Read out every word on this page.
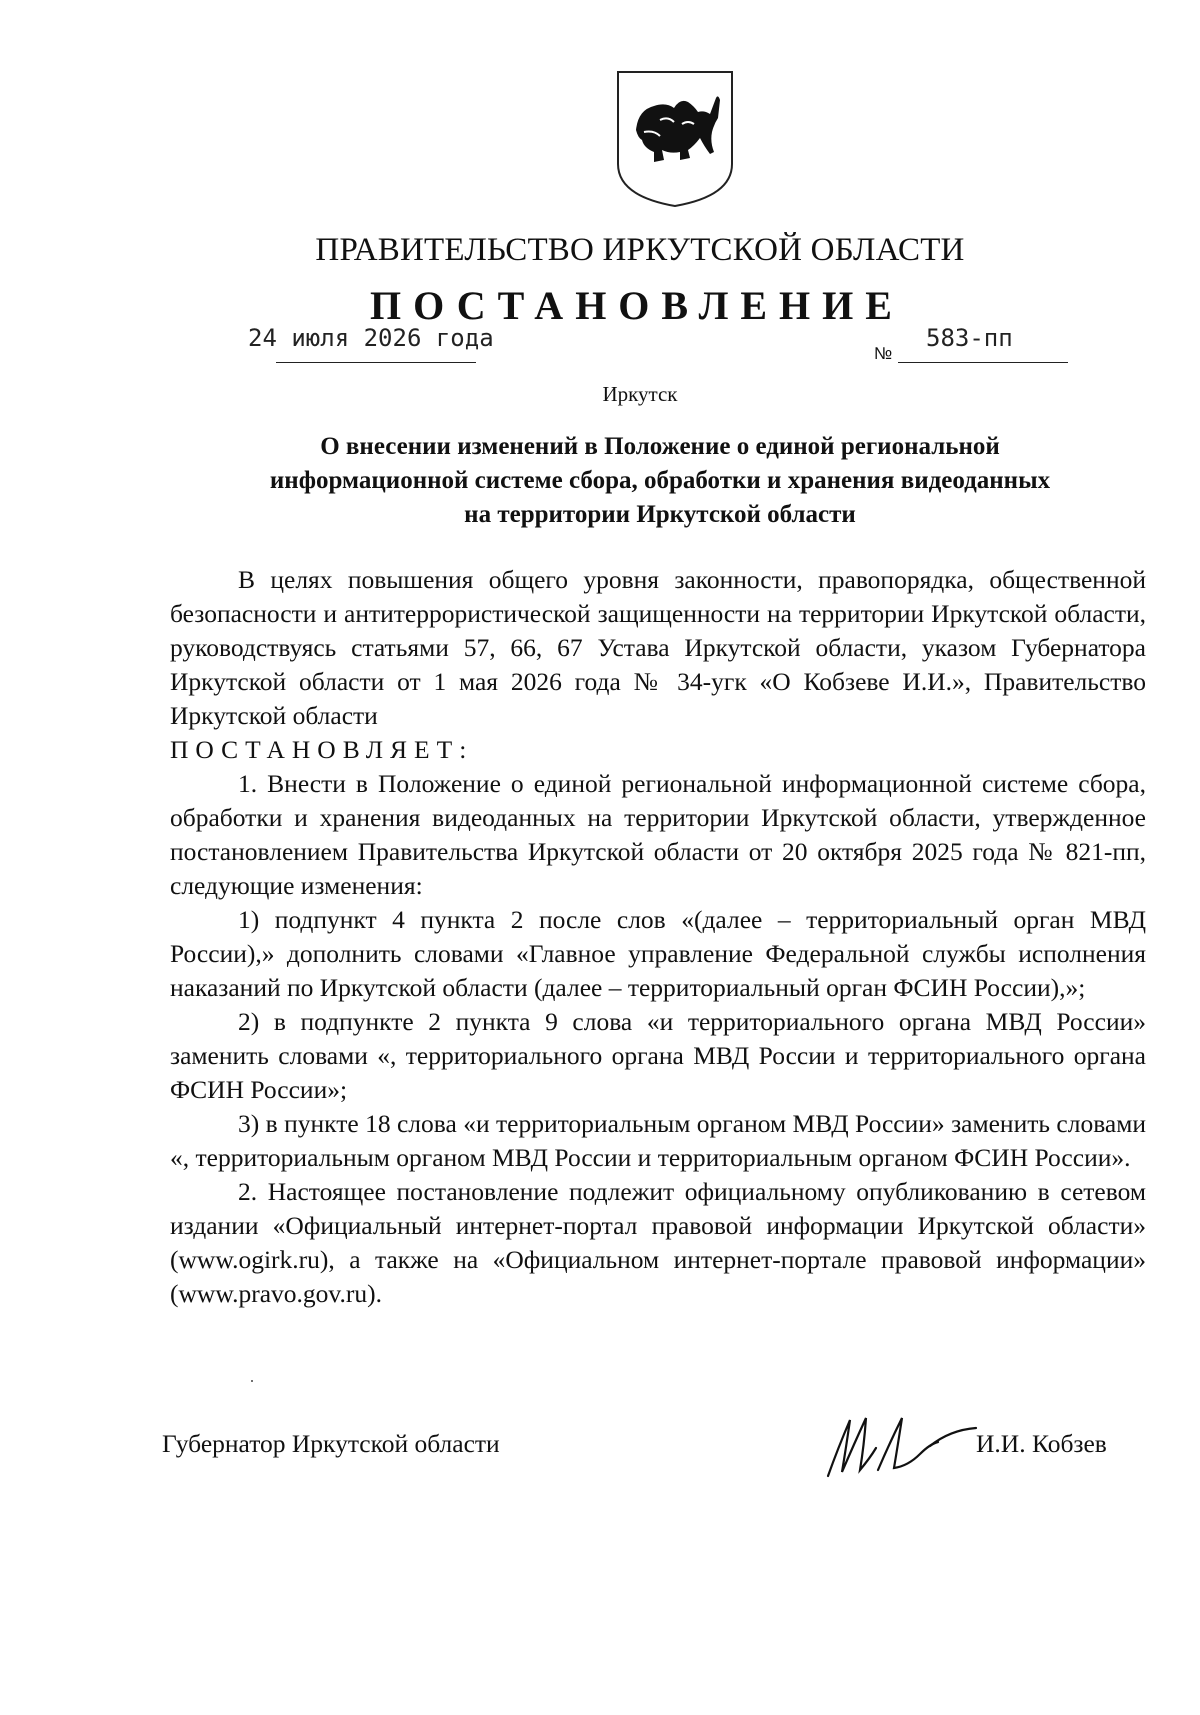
ПРАВИТЕЛЬСТВО ИРКУТСКОЙ ОБЛАСТИ
ПОСТАНОВЛЕНИЕ
24 июля 2026 года
№
583-пп
Иркутск
О внесении изменений в Положение о единой региональной
информационной системе сбора, обработки и хранения видеоданных
на территории Иркутской области

В целях повышения общего уровня законности, правопорядка, общественной безопасности и антитеррористической защищенности на территории Иркутской области, руководствуясь статьями 57, 66, 67 Устава Иркутской области, указом Губернатора Иркутской области от 1 мая 2026 года № 34-угк «О Кобзеве И.И.», Правительство Иркутской области

ПОСТАНОВЛЯЕТ:

1. Внести в Положение о единой региональной информационной системе сбора, обработки и хранения видеоданных на территории Иркутской области, утвержденное постановлением Правительства Иркутской области от 20 октября 2025 года № 821-пп, следующие изменения:

1) подпункт 4 пункта 2 после слов «(далее – территориальный орган МВД России),» дополнить словами «Главное управление Федеральной службы исполнения наказаний по Иркутской области (далее – территориальный орган ФСИН России),»;

2) в подпункте 2 пункта 9 слова «и территориального органа МВД России» заменить словами «, территориального органа МВД России и территориального органа ФСИН России»;

3) в пункте 18 слова «и территориальным органом МВД России» заменить словами «, территориальным органом МВД России и территориальным органом ФСИН России».

2. Настоящее постановление подлежит официальному опубликованию в сетевом издании «Официальный интернет-портал правовой информации Иркутской области» (www.ogirk.ru), а также на «Официальном интернет-портале правовой информации» (www.pravo.gov.ru).

Губернатор Иркутской области	И.И. Кобзев
